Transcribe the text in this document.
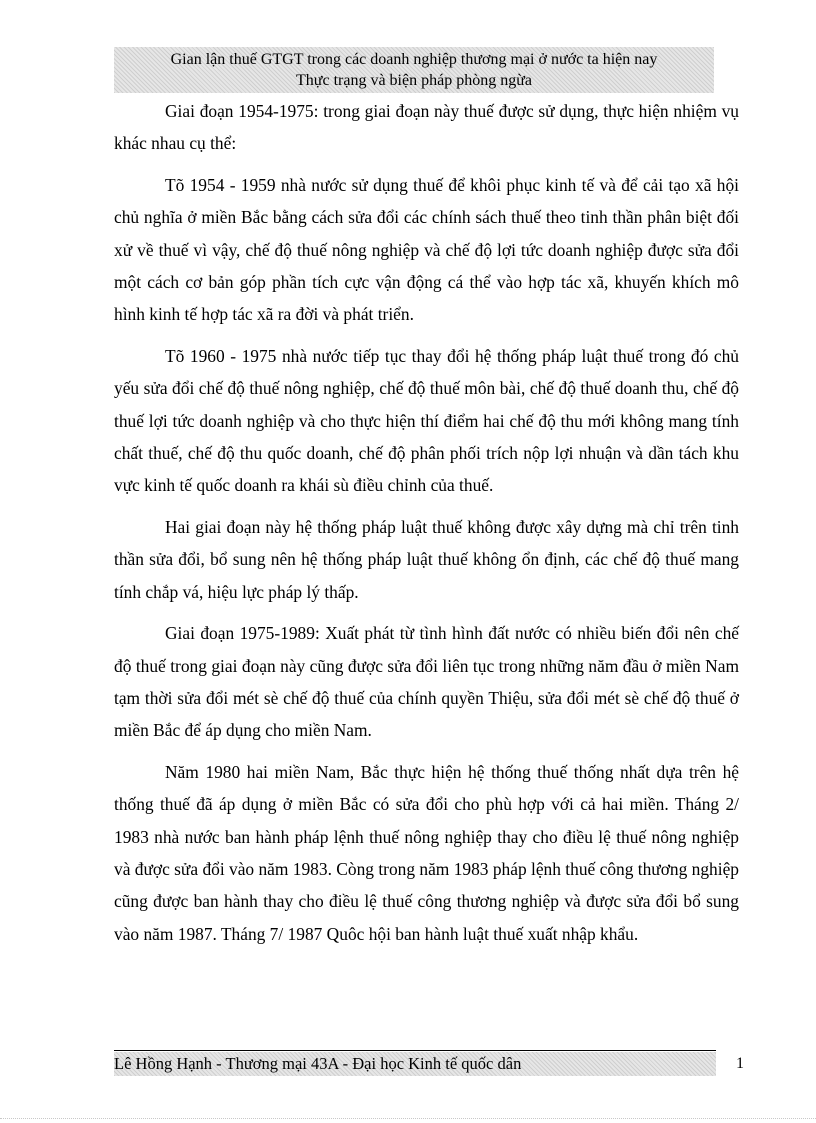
Gian lận thuế GTGT trong các doanh nghiệp thương mại ở nước ta hiện nay
Thực trạng và biện pháp phòng ngừa

Giai đoạn 1954-1975: trong giai đoạn này thuế được sử dụng, thực hiện nhiệm vụ khác nhau cụ thể:

Tõ 1954 - 1959 nhà nước sử dụng thuế để khôi phục kinh tế và để cải tạo xã hội chủ nghĩa ở miền Bắc bằng cách sửa đổi các chính sách thuế theo tinh thần phân biệt đối xử về thuế vì vậy, chế độ thuế nông nghiệp và chế độ lợi tức doanh nghiệp được sửa đổi một cách cơ bản góp phần tích cực vận động cá thể vào hợp tác xã, khuyến khích mô hình kinh tế hợp tác xã ra đời và phát triển.

Tõ 1960 - 1975 nhà nước tiếp tục thay đổi hệ thống pháp luật thuế trong đó chủ yếu sửa đổi chế độ thuế nông nghiệp, chế độ thuế môn bài, chế độ thuế doanh thu, chế độ thuế lợi tức doanh nghiệp và cho thực hiện thí điểm hai chế độ thu mới không mang tính chất thuế, chế độ thu quốc doanh, chế độ phân phối trích nộp lợi nhuận và dần tách khu vực kinh tế quốc doanh ra khái sù điều chỉnh của thuế.

Hai giai đoạn này hệ thống pháp luật thuế không được xây dựng mà chỉ trên tinh thần sửa đổi, bổ sung nên hệ thống pháp luật thuế không ổn định, các chế độ thuế mang tính chắp vá, hiệu lực pháp lý thấp.

Giai đoạn 1975-1989: Xuất phát từ tình hình đất nước có nhiều biến đổi nên chế độ thuế trong giai đoạn này cũng được sửa đổi liên tục trong những năm đầu ở miền Nam tạm thời sửa đổi mét sè chế độ thuế của chính quyền Thiệu, sửa đổi mét sè chế độ thuế ở miền Bắc để áp dụng cho miền Nam.

Năm 1980 hai miền Nam, Bắc thực hiện hệ thống thuế thống nhất dựa trên hệ thống thuế đã áp dụng ở miền Bắc có sửa đổi cho phù hợp với cả hai miền. Tháng 2/ 1983 nhà nước ban hành pháp lệnh thuế nông nghiệp thay cho điều lệ thuế nông nghiệp và được sửa đổi vào năm 1983. Còng trong năm 1983 pháp lệnh thuế công thương nghiệp cũng được ban hành thay cho điều lệ thuế công thương nghiệp và được sửa đổi bổ sung vào năm 1987. Tháng 7/ 1987 Quôc hội ban hành luật thuế xuất nhập khẩu.

Lê Hồng Hạnh - Thương mại 43A - Đại học Kinh tế quốc dân	1
